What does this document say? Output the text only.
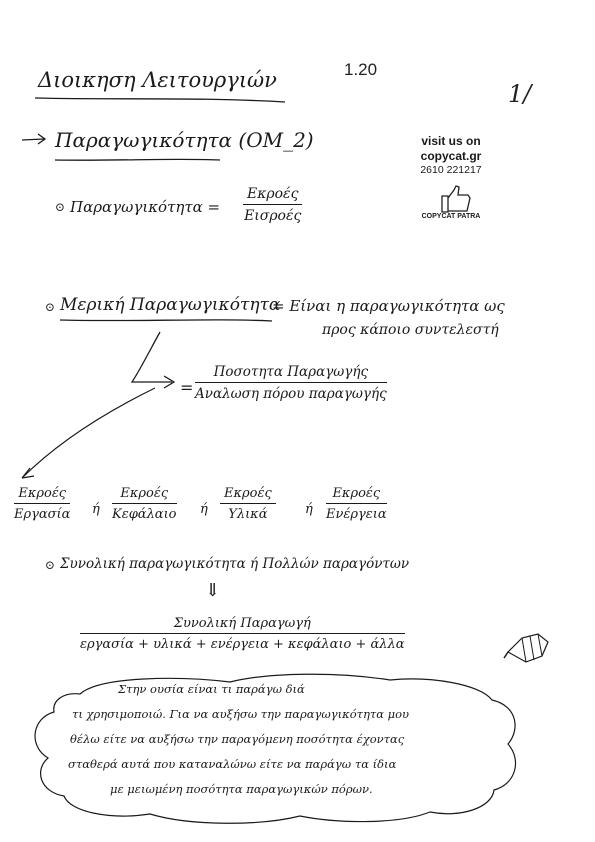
1.20
1/
Διοικηση Λειτουργιών
Παραγωγικότητα (ΟΜ_2)	visit us on
copycat.gr
2610 221217
COPYCAT PATRA
⊙ Παραγωγικότητα =
Εκροές
Εισροές
⊙ Μερική Παραγωγικότητα
= Είναι η παραγωγικότητα ως
προς κάποιο συντελεστή
=
Ποσοτητα Παραγωγής
Αναλωση πόρου παραγωγής
Εκροές
Εργασία ή
Εκροές
Κεφάλαιο ή
Εκροές
Υλικά	ή
Εκροές
Ενέργεια
⊙ Συνολική παραγωγικότητα ή Πολλών παραγόντων
⇓
Συνολική Παραγωγή
εργασία + υλικά + ενέργεια + κεφάλαιο + άλλα
Στην ουσία είναι τι παράγω διά
τι χρησιμοποιώ. Για να αυξήσω την παραγωγικότητα μου
θέλω είτε να αυξήσω την παραγόμενη ποσότητα έχοντας
σταθερά αυτά που καταναλώνω είτε να παράγω τα ίδια
με μειωμένη ποσότητα παραγωγικών πόρων.
